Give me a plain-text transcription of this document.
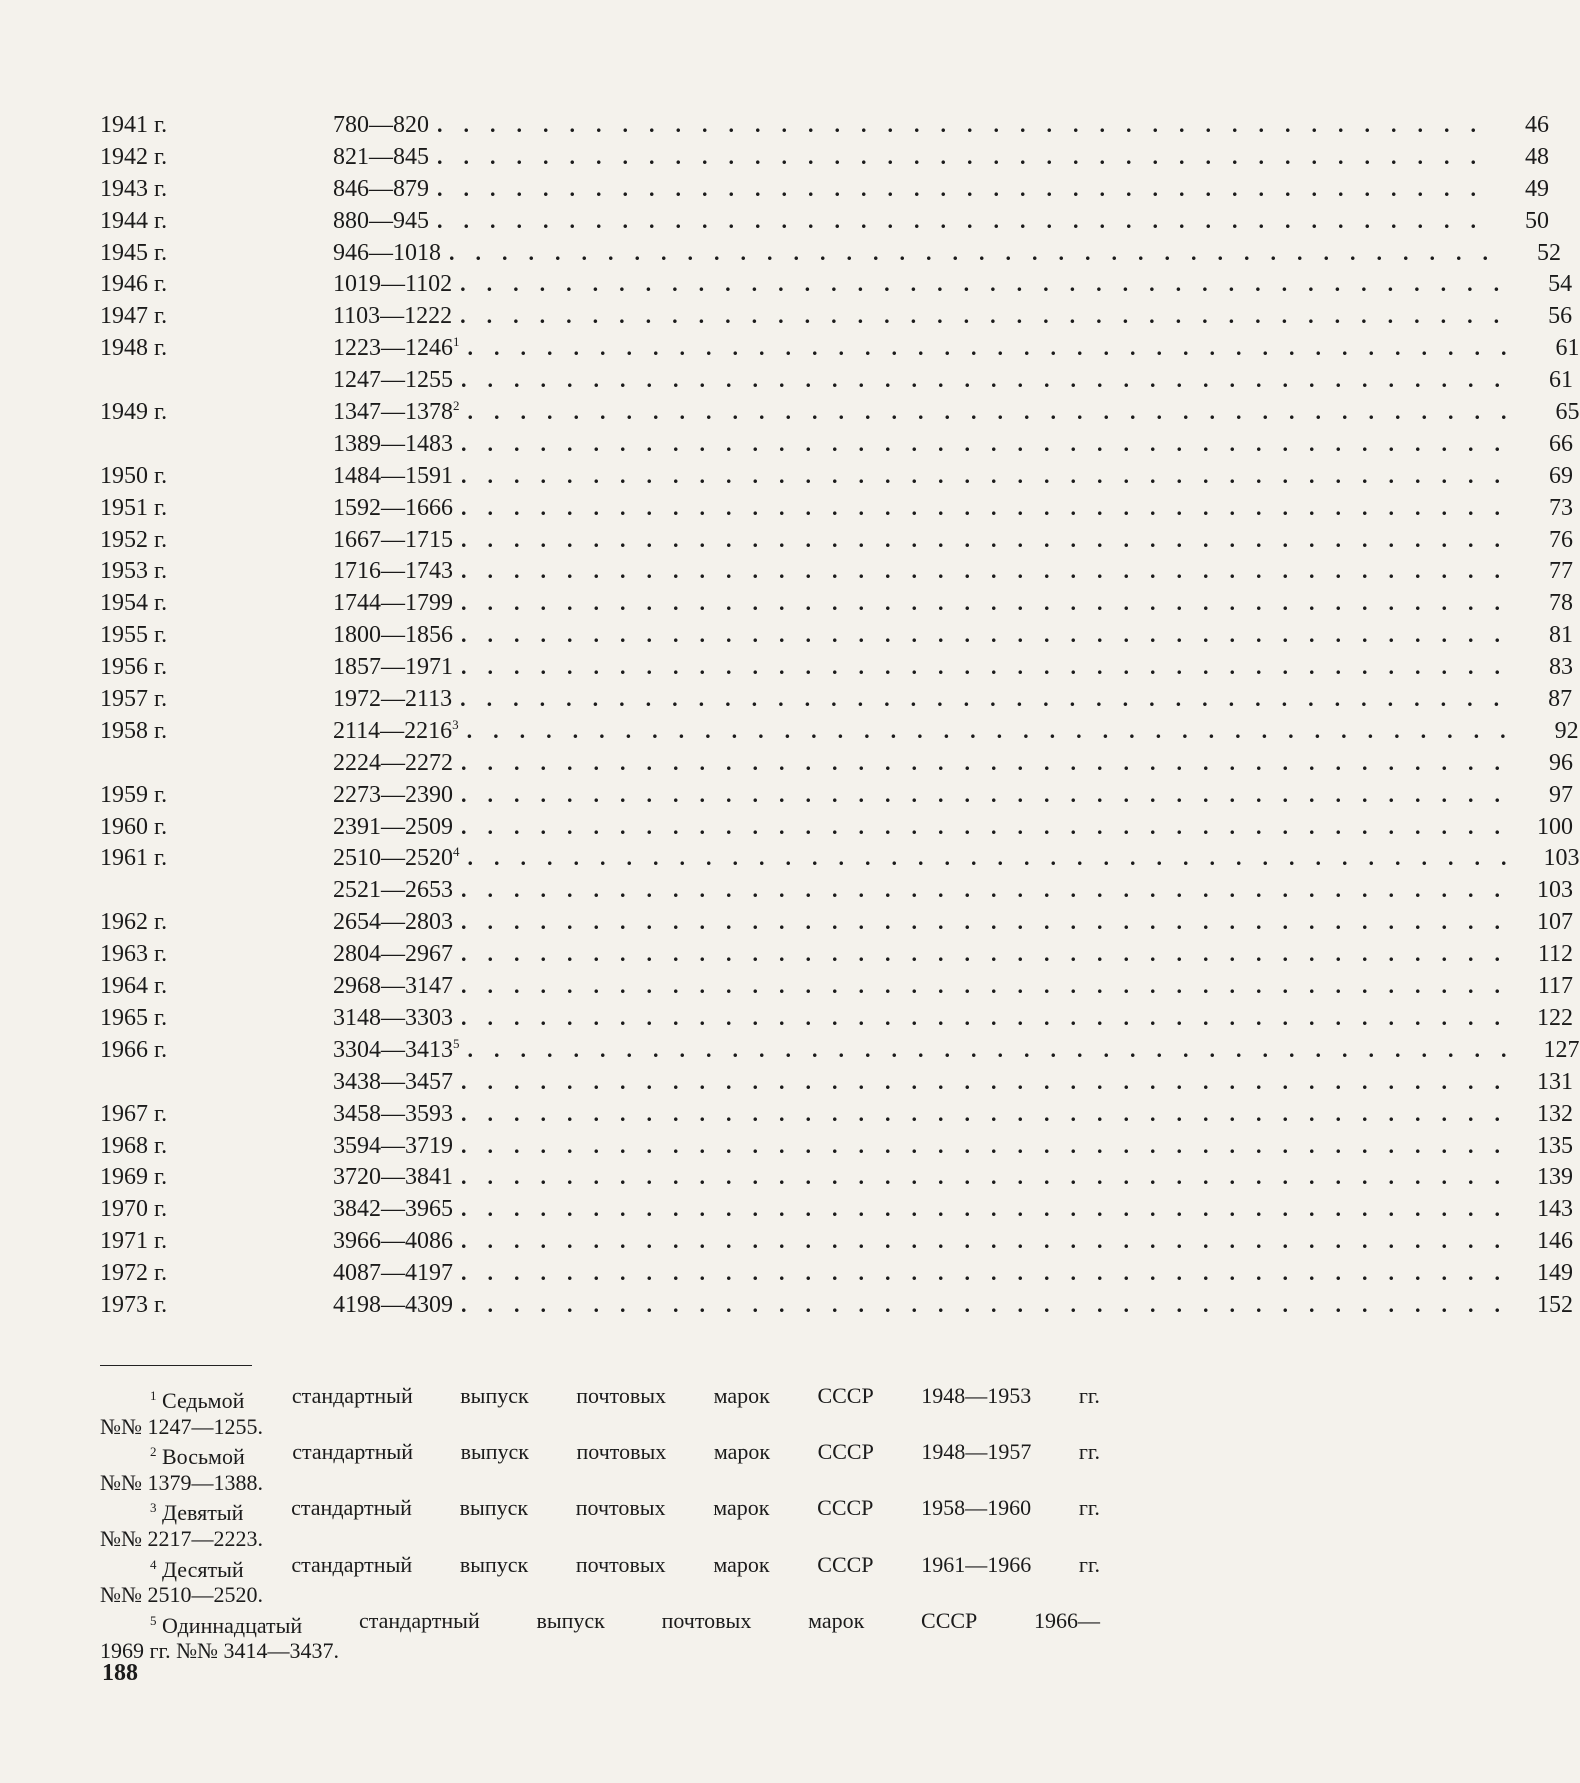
1941 г.	780—820 ........................................	46
1942 г.	821—845 ........................................	48
1943 г.	846—879 ........................................	49
1944 г.	880—945 ........................................	50
1945 г.	946—1018 ........................................	52
1946 г.	1019—1102 ........................................	54
1947 г.	1103—1222 ........................................	56
1948 г.	1223—1246$^1$ ........................................	61
1247—1255 ........................................	61
1949 г.	1347—1378$^2$ ........................................	65
1389—1483 ........................................	66
1950 г.	1484—1591 ........................................	69
1951 г.	1592—1666 ........................................	73
1952 г.	1667—1715 ........................................	76
1953 г.	1716—1743 ........................................	77
1954 г.	1744—1799 ........................................	78
1955 г.	1800—1856 ........................................	81
1956 г.	1857—1971 ........................................	83
1957 г.	1972—2113 ........................................	87
1958 г.	2114—2216$^3$ ........................................	92
2224—2272 ........................................	96
1959 г.	2273—2390 ........................................	97
1960 г.	2391—2509 ........................................ 100
1961 г.	2510—2520$^4$ ........................................ 103
2521—2653 ........................................ 103
1962 г.	2654—2803 ........................................ 107
1963 г.	2804—2967 ........................................ 112
1964 г.	2968—3147 ........................................ 117
1965 г.	3148—3303 ........................................ 122
1966 г.	3304—3413$^5$ ........................................ 127
3438—3457 ........................................ 131
1967 г.	3458—3593 ........................................ 132
1968 г.	3594—3719 ........................................ 135
1969 г.	3720—3841 ........................................ 139
1970 г.	3842—3965 ........................................ 143
1971 г.	3966—4086 ........................................ 146
1972 г.	4087—4197 ........................................ 149
1973 г.	4198—4309 ........................................ 152
$^1$ Седьмой стандартный выпуск почтовых марок СССР 1948—1953 гг.
№№ 1247—1255.
$^2$ Восьмой стандартный выпуск почтовых марок СССР 1948—1957 гг.
№№ 1379—1388.
$^3$ Девятый стандартный выпуск почтовых марок СССР 1958—1960 гг.
№№ 2217—2223.
$^4$ Десятый стандартный выпуск почтовых марок СССР 1961—1966 гг.
№№ 2510—2520.
$^5$ Одиннадцатый	стандартный	выпуск	почтовых	марок	СССР	1966—
1969 гг. №№ 3414—3437.
188
